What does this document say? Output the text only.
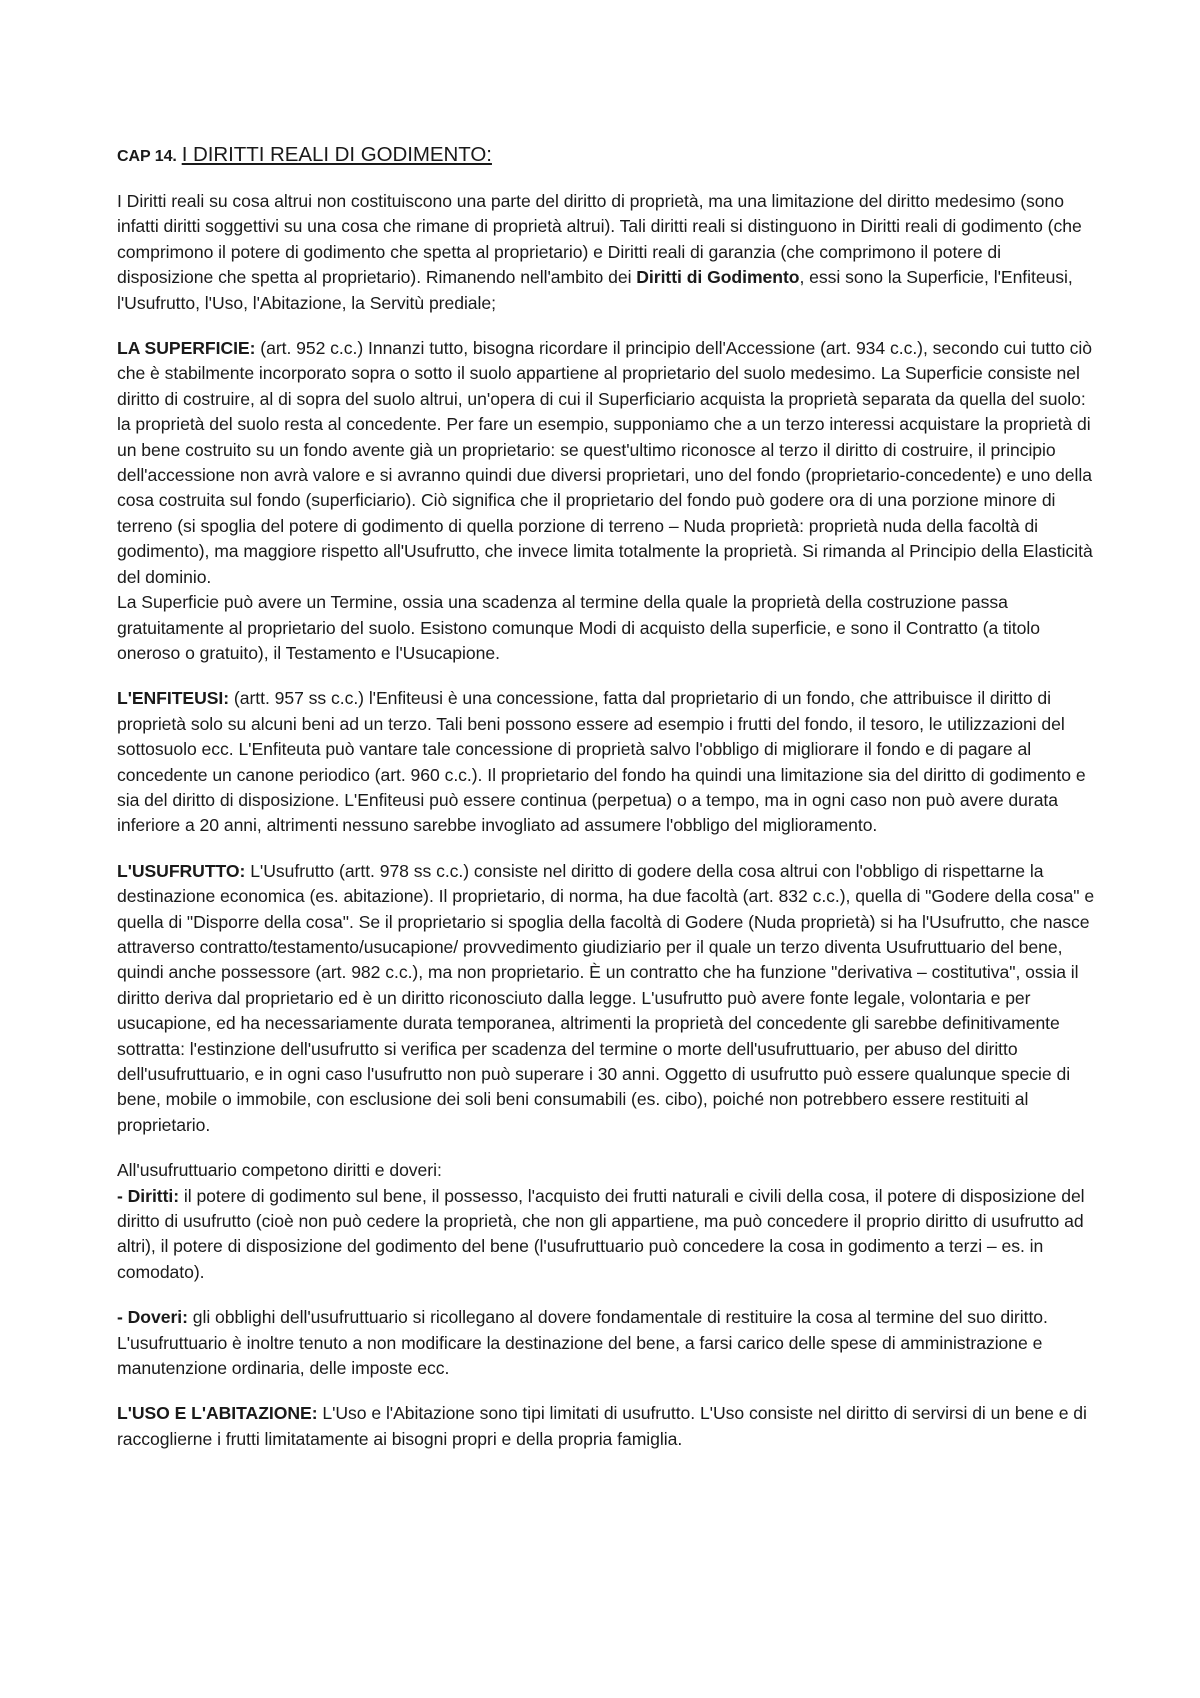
CAP 14. I DIRITTI REALI DI GODIMENTO:

I Diritti reali su cosa altrui non costituiscono una parte del diritto di proprietà, ma una limitazione del diritto medesimo (sono infatti diritti soggettivi su una cosa che rimane di proprietà altrui). Tali diritti reali si distinguono in Diritti reali di godimento (che comprimono il potere di godimento che spetta al proprietario) e Diritti reali di garanzia (che comprimono il potere di disposizione che spetta al proprietario). Rimanendo nell'ambito dei Diritti di Godimento, essi sono la Superficie, l'Enfiteusi, l'Usufrutto, l'Uso, l'Abitazione, la Servitù prediale;

LA SUPERFICIE: (art. 952 c.c.) Innanzi tutto, bisogna ricordare il principio dell'Accessione (art. 934 c.c.), secondo cui tutto ciò che è stabilmente incorporato sopra o sotto il suolo appartiene al proprietario del suolo medesimo. La Superficie consiste nel diritto di costruire, al di sopra del suolo altrui, un'opera di cui il Superficiario acquista la proprietà separata da quella del suolo: la proprietà del suolo resta al concedente. Per fare un esempio, supponiamo che a un terzo interessi acquistare la proprietà di un bene costruito su un fondo avente già un proprietario: se quest'ultimo riconosce al terzo il diritto di costruire, il principio dell'accessione non avrà valore e si avranno quindi due diversi proprietari, uno del fondo (proprietario-concedente) e uno della cosa costruita sul fondo (superficiario). Ciò significa che il proprietario del fondo può godere ora di una porzione minore di terreno (si spoglia del potere di godimento di quella porzione di terreno – Nuda proprietà: proprietà nuda della facoltà di godimento), ma maggiore rispetto all'Usufrutto, che invece limita totalmente la proprietà. Si rimanda al Principio della Elasticità del dominio.

La Superficie può avere un Termine, ossia una scadenza al termine della quale la proprietà della costruzione passa gratuitamente al proprietario del suolo. Esistono comunque Modi di acquisto della superficie, e sono il Contratto (a titolo oneroso o gratuito), il Testamento e l'Usucapione.

L'ENFITEUSI: (artt. 957 ss c.c.) l'Enfiteusi è una concessione, fatta dal proprietario di un fondo, che attribuisce il diritto di proprietà solo su alcuni beni ad un terzo. Tali beni possono essere ad esempio i frutti del fondo, il tesoro, le utilizzazioni del sottosuolo ecc. L'Enfiteuta può vantare tale concessione di proprietà salvo l'obbligo di migliorare il fondo e di pagare al concedente un canone periodico (art. 960 c.c.). Il proprietario del fondo ha quindi una limitazione sia del diritto di godimento e sia del diritto di disposizione. L'Enfiteusi può essere continua (perpetua) o a tempo, ma in ogni caso non può avere durata inferiore a 20 anni, altrimenti nessuno sarebbe invogliato ad assumere l'obbligo del miglioramento.

L'USUFRUTTO: L'Usufrutto (artt. 978 ss c.c.) consiste nel diritto di godere della cosa altrui con l'obbligo di rispettarne la destinazione economica (es. abitazione). Il proprietario, di norma, ha due facoltà (art. 832 c.c.), quella di "Godere della cosa" e quella di "Disporre della cosa". Se il proprietario si spoglia della facoltà di Godere (Nuda proprietà) si ha l'Usufrutto, che nasce attraverso contratto/testamento/usucapione/ provvedimento giudiziario per il quale un terzo diventa Usufruttuario del bene, quindi anche possessore (art. 982 c.c.), ma non proprietario. È un contratto che ha funzione "derivativa – costitutiva", ossia il diritto deriva dal proprietario ed è un diritto riconosciuto dalla legge. L'usufrutto può avere fonte legale, volontaria e per usucapione, ed ha necessariamente durata temporanea, altrimenti la proprietà del concedente gli sarebbe definitivamente sottratta: l'estinzione dell'usufrutto si verifica per scadenza del termine o morte dell'usufruttuario, per abuso del diritto dell'usufruttuario, e in ogni caso l'usufrutto non può superare i 30 anni. Oggetto di usufrutto può essere qualunque specie di bene, mobile o immobile, con esclusione dei soli beni consumabili (es. cibo), poiché non potrebbero essere restituiti al proprietario.

All'usufruttuario competono diritti e doveri:

- Diritti: il potere di godimento sul bene, il possesso, l'acquisto dei frutti naturali e civili della cosa, il potere di disposizione del diritto di usufrutto (cioè non può cedere la proprietà, che non gli appartiene, ma può concedere il proprio diritto di usufrutto ad altri), il potere di disposizione del godimento del bene (l'usufruttuario può concedere la cosa in godimento a terzi – es. in comodato).

- Doveri: gli obblighi dell'usufruttuario si ricollegano al dovere fondamentale di restituire la cosa al termine del suo diritto. L'usufruttuario è inoltre tenuto a non modificare la destinazione del bene, a farsi carico delle spese di amministrazione e manutenzione ordinaria, delle imposte ecc.

L'USO E L'ABITAZIONE: L'Uso e l'Abitazione sono tipi limitati di usufrutto. L'Uso consiste nel diritto di servirsi di un bene e di raccoglierne i frutti limitatamente ai bisogni propri e della propria famiglia.
